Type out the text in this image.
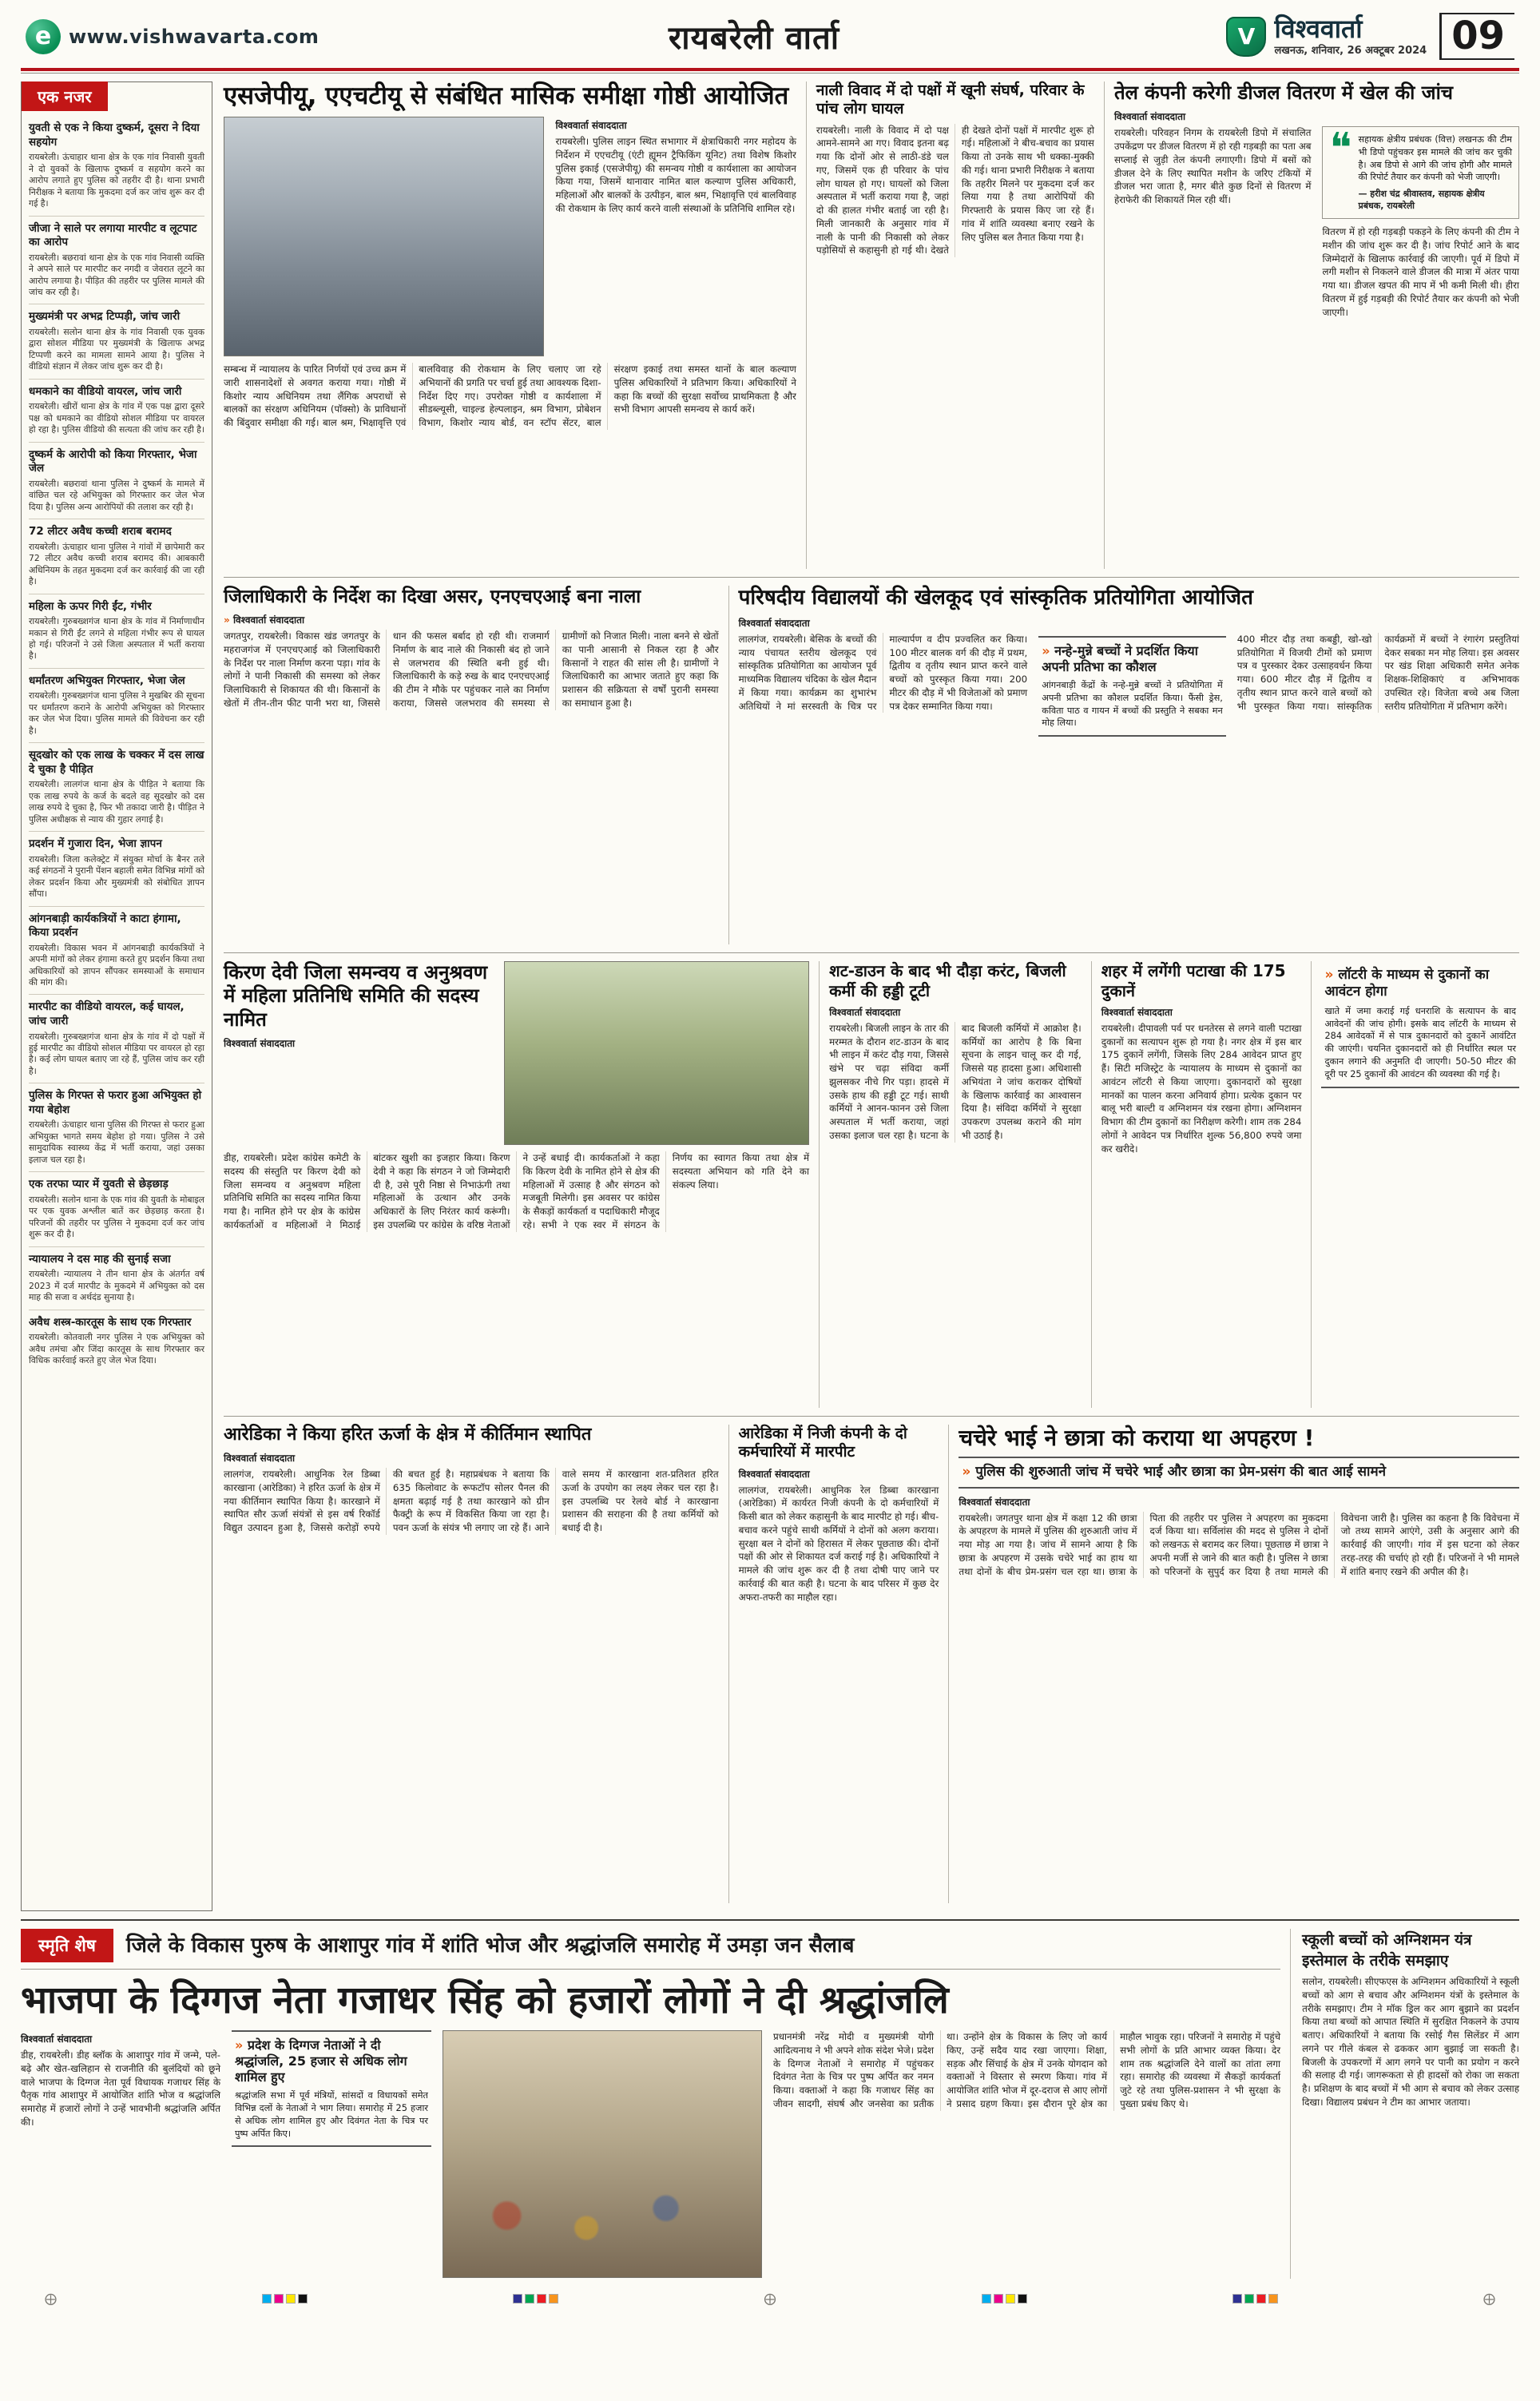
e www.vishwavarta.com	रायबरेली वार्ता	V विश्ववार्ता
लखनऊ, शनिवार, 26 अक्टूबर 2024 09
एक नजर
युवती से एक ने किया दुष्कर्म, दूसरा ने दिया सहयोग

रायबरेली। ऊंचाहार थाना क्षेत्र के एक गांव निवासी युवती ने दो युवकों के खिलाफ दुष्कर्म व सहयोग करने का आरोप लगाते हुए पुलिस को तहरीर दी है। थाना प्रभारी निरीक्षक ने बताया कि मुकदमा दर्ज कर जांच शुरू कर दी गई है।

जीजा ने साले पर लगाया मारपीट व लूटपाट का आरोप

रायबरेली। बछरावां थाना क्षेत्र के एक गांव निवासी व्यक्ति ने अपने साले पर मारपीट कर नगदी व जेवरात लूटने का आरोप लगाया है। पीड़ित की तहरीर पर पुलिस मामले की जांच कर रही है।

मुख्यमंत्री पर अभद्र टिप्पड़ी, जांच जारी

रायबरेली। सलोन थाना क्षेत्र के गांव निवासी एक युवक द्वारा सोशल मीडिया पर मुख्यमंत्री के खिलाफ अभद्र टिप्पणी करने का मामला सामने आया है। पुलिस ने वीडियो संज्ञान में लेकर जांच शुरू कर दी है।

धमकाने का वीडियो वायरल, जांच जारी

रायबरेली। खीरों थाना क्षेत्र के गांव में एक पक्ष द्वारा दूसरे पक्ष को धमकाने का वीडियो सोशल मीडिया पर वायरल हो रहा है। पुलिस वीडियो की सत्यता की जांच कर रही है।

दुष्कर्म के आरोपी को किया गिरफ्तार, भेजा जेल

रायबरेली। बछरावां थाना पुलिस ने दुष्कर्म के मामले में वांछित चल रहे अभियुक्त को गिरफ्तार कर जेल भेज दिया है। पुलिस अन्य आरोपियों की तलाश कर रही है।

72 लीटर अवैध कच्ची शराब बरामद

रायबरेली। ऊंचाहार थाना पुलिस ने गांवों में छापेमारी कर 72 लीटर अवैध कच्ची शराब बरामद की। आबकारी अधिनियम के तहत मुकदमा दर्ज कर कार्रवाई की जा रही है।

महिला के ऊपर गिरी ईंट, गंभीर

रायबरेली। गुरुबख्शगंज थाना क्षेत्र के गांव में निर्माणाधीन मकान से गिरी ईंट लगने से महिला गंभीर रूप से घायल हो गई। परिजनों ने उसे जिला अस्पताल में भर्ती कराया है।

धर्मांतरण अभियुक्त गिरफ्तार, भेजा जेल

रायबरेली। गुरुबख्शगंज थाना पुलिस ने मुखबिर की सूचना पर धर्मांतरण कराने के आरोपी अभियुक्त को गिरफ्तार कर जेल भेज दिया। पुलिस मामले की विवेचना कर रही है।

सूदखोर को एक लाख के चक्कर में दस लाख दे चुका है पीड़ित

रायबरेली। लालगंज थाना क्षेत्र के पीड़ित ने बताया कि एक लाख रुपये के कर्ज के बदले वह सूदखोर को दस लाख रुपये दे चुका है, फिर भी तकादा जारी है। पीड़ित ने पुलिस अधीक्षक से न्याय की गुहार लगाई है।

प्रदर्शन में गुजारा दिन, भेजा ज्ञापन

रायबरेली। जिला कलेक्ट्रेट में संयुक्त मोर्चा के बैनर तले कई संगठनों ने पुरानी पेंशन बहाली समेत विभिन्न मांगों को लेकर प्रदर्शन किया और मुख्यमंत्री को संबोधित ज्ञापन सौंपा।

आंगनबाड़ी कार्यकत्रियों ने काटा हंगामा, किया प्रदर्शन

रायबरेली। विकास भवन में आंगनबाड़ी कार्यकत्रियों ने अपनी मांगों को लेकर हंगामा करते हुए प्रदर्शन किया तथा अधिकारियों को ज्ञापन सौंपकर समस्याओं के समाधान की मांग की।

मारपीट का वीडियो वायरल, कई घायल, जांच जारी

रायबरेली। गुरुबख्शगंज थाना क्षेत्र के गांव में दो पक्षों में हुई मारपीट का वीडियो सोशल मीडिया पर वायरल हो रहा है। कई लोग घायल बताए जा रहे हैं, पुलिस जांच कर रही है।

पुलिस के गिरफ्त से फरार हुआ अभियुक्त हो गया बेहोश

रायबरेली। ऊंचाहार थाना पुलिस की गिरफ्त से फरार हुआ अभियुक्त भागते समय बेहोश हो गया। पुलिस ने उसे सामुदायिक स्वास्थ्य केंद्र में भर्ती कराया, जहां उसका इलाज चल रहा है।

एक तरफा प्यार में युवती से छेड़छाड़

रायबरेली। सलोन थाना के एक गांव की युवती के मोबाइल पर एक युवक अश्लील बातें कर छेड़छाड़ करता है। परिजनों की तहरीर पर पुलिस ने मुकदमा दर्ज कर जांच शुरू कर दी है।

न्यायालय ने दस माह की सुनाई सजा

रायबरेली। न्यायालय ने तीन थाना क्षेत्र के अंतर्गत वर्ष 2023 में दर्ज मारपीट के मुकदमे में अभियुक्त को दस माह की सजा व अर्थदंड सुनाया है।

अवैध शस्त्र-कारतूस के साथ एक गिरफ्तार

रायबरेली। कोतवाली नगर पुलिस ने एक अभियुक्त को अवैध तमंचा और जिंदा कारतूस के साथ गिरफ्तार कर विधिक कार्रवाई करते हुए जेल भेज दिया।

एसजेपीयू, एएचटीयू से संबंधित मासिक समीक्षा गोष्ठी आयोजित
विश्ववार्ता संवाददाता

रायबरेली। पुलिस लाइन स्थित सभागार में क्षेत्राधिकारी नगर महोदय के निर्देशन में एएचटीयू (एंटी ह्यूमन ट्रैफिकिंग यूनिट) तथा विशेष किशोर पुलिस इकाई (एसजेपीयू) की समन्वय गोष्ठी व कार्यशाला का आयोजन किया गया, जिसमें थानावार नामित बाल कल्याण पुलिस अधिकारी, महिलाओं और बालकों के उत्पीड़न, बाल श्रम, भिक्षावृत्ति एवं बालविवाह की रोकथाम के लिए कार्य करने वाली संस्थाओं के प्रतिनिधि शामिल रहे।

सम्बन्ध में न्यायालय के पारित निर्णयों एवं उच्च क्रम में जारी शासनादेशों से अवगत कराया गया। गोष्ठी में किशोर न्याय अधिनियम तथा लैंगिक अपराधों से बालकों का संरक्षण अधिनियम (पॉक्सो) के प्राविधानों की बिंदुवार समीक्षा की गई। बाल श्रम, भिक्षावृत्ति एवं बालविवाह की रोकथाम के लिए चलाए जा रहे अभियानों की प्रगति पर चर्चा हुई तथा आवश्यक दिशा-निर्देश दिए गए। उपरोक्त गोष्ठी व कार्यशाला में सीडब्ल्यूसी, चाइल्ड हेल्पलाइन, श्रम विभाग, प्रोबेशन विभाग, किशोर न्याय बोर्ड, वन स्टॉप सेंटर, बाल संरक्षण इकाई तथा समस्त थानों के बाल कल्याण पुलिस अधिकारियों ने प्रतिभाग किया। अधिकारियों ने कहा कि बच्चों की सुरक्षा सर्वोच्च प्राथमिकता है और सभी विभाग आपसी समन्वय से कार्य करें।

नाली विवाद में दो पक्षों में खूनी संघर्ष, परिवार के पांच लोग घायल

रायबरेली। नाली के विवाद में दो पक्ष आमने-सामने आ गए। विवाद इतना बढ़ गया कि दोनों ओर से लाठी-डंडे चल गए, जिसमें एक ही परिवार के पांच लोग घायल हो गए। घायलों को जिला अस्पताल में भर्ती कराया गया है, जहां दो की हालत गंभीर बताई जा रही है। मिली जानकारी के अनुसार गांव में नाली के पानी की निकासी को लेकर पड़ोसियों से कहासुनी हो गई थी। देखते ही देखते दोनों पक्षों में मारपीट शुरू हो गई। महिलाओं ने बीच-बचाव का प्रयास किया तो उनके साथ भी धक्का-मुक्की की गई। थाना प्रभारी निरीक्षक ने बताया कि तहरीर मिलने पर मुकदमा दर्ज कर लिया गया है तथा आरोपियों की गिरफ्तारी के प्रयास किए जा रहे हैं। गांव में शांति व्यवस्था बनाए रखने के लिए पुलिस बल तैनात किया गया है।

तेल कंपनी करेगी डीजल वितरण में खेल की जांच
विश्ववार्ता संवाददाता

रायबरेली। परिवहन निगम के रायबरेली डिपो में संचालित उपकेंद्रण पर डीजल वितरण में हो रही गड़बड़ी का पता अब सप्लाई से जुड़ी तेल कंपनी लगाएगी। डिपो में बसों को डीजल देने के लिए स्थापित मशीन के जरिए टंकियों में डीजल भरा जाता है, मगर बीते कुछ दिनों से वितरण में हेराफेरी की शिकायतें मिल रही थीं।

❝ सहायक क्षेत्रीय प्रबंधक (वित्त) लखनऊ की टीम भी डिपो पहुंचकर इस मामले की जांच कर चुकी है। अब डिपो से आगे की जांच होगी और मामले की रिपोर्ट तैयार कर कंपनी को भेजी जाएगी।
— हरीश चंद्र श्रीवास्तव, सहायक क्षेत्रीय प्रबंधक, रायबरेली

वितरण में हो रही गड़बड़ी पकड़ने के लिए कंपनी की टीम ने मशीन की जांच शुरू कर दी है। जांच रिपोर्ट आने के बाद जिम्मेदारों के खिलाफ कार्रवाई की जाएगी। पूर्व में डिपो में लगी मशीन से निकलने वाले डीजल की मात्रा में अंतर पाया गया था। डीजल खपत की माप में भी कमी मिली थी। हीरा वितरण में हुई गड़बड़ी की रिपोर्ट तैयार कर कंपनी को भेजी जाएगी।

जिलाधिकारी के निर्देश का दिखा असर, एनएचएआई बना नाला
» विश्ववार्ता संवाददाता

जगतपुर, रायबरेली। विकास खंड जगतपुर के महराजगंज में एनएचएआई को जिलाधिकारी के निर्देश पर नाला निर्माण करना पड़ा। गांव के लोगों ने पानी निकासी की समस्या को लेकर जिलाधिकारी से शिकायत की थी। किसानों के खेतों में तीन-तीन फीट पानी भरा था, जिससे धान की फसल बर्बाद हो रही थी। राजमार्ग निर्माण के बाद नाले की निकासी बंद हो जाने से जलभराव की स्थिति बनी हुई थी। जिलाधिकारी के कड़े रुख के बाद एनएचएआई की टीम ने मौके पर पहुंचकर नाले का निर्माण कराया, जिससे जलभराव की समस्या से ग्रामीणों को निजात मिली। नाला बनने से खेतों का पानी आसानी से निकल रहा है और किसानों ने राहत की सांस ली है। ग्रामीणों ने जिलाधिकारी का आभार जताते हुए कहा कि प्रशासन की सक्रियता से वर्षों पुरानी समस्या का समाधान हुआ है।

परिषदीय विद्यालयों की खेलकूद एवं सांस्कृतिक प्रतियोगिता आयोजित
विश्ववार्ता संवाददाता

लालगंज, रायबरेली। बेसिक के बच्चों की न्याय पंचायत स्तरीय खेलकूद एवं सांस्कृतिक प्रतियोगिता का आयोजन पूर्व माध्यमिक विद्यालय चंदिका के खेल मैदान में किया गया। कार्यक्रम का शुभारंभ अतिथियों ने मां सरस्वती के चित्र पर माल्यार्पण व दीप प्रज्वलित कर किया। 100 मीटर बालक वर्ग की दौड़ में प्रथम, द्वितीय व तृतीय स्थान प्राप्त करने वाले बच्चों को पुरस्कृत किया गया। 200 मीटर की दौड़ में भी विजेताओं को प्रमाण पत्र देकर सम्मानित किया गया।

» नन्हे-मुन्ने बच्चों ने प्रदर्शित किया अपनी प्रतिभा का कौशल

आंगनबाड़ी केंद्रों के नन्हे-मुन्ने बच्चों ने प्रतियोगिता में अपनी प्रतिभा का कौशल प्रदर्शित किया। फैंसी ड्रेस, कविता पाठ व गायन में बच्चों की प्रस्तुति ने सबका मन मोह लिया।

400 मीटर दौड़ तथा कबड्डी, खो-खो प्रतियोगिता में विजयी टीमों को प्रमाण पत्र व पुरस्कार देकर उत्साहवर्धन किया गया। 600 मीटर दौड़ में द्वितीय व तृतीय स्थान प्राप्त करने वाले बच्चों को भी पुरस्कृत किया गया। सांस्कृतिक कार्यक्रमों में बच्चों ने रंगारंग प्रस्तुतियां देकर सबका मन मोह लिया। इस अवसर पर खंड शिक्षा अधिकारी समेत अनेक शिक्षक-शिक्षिकाएं व अभिभावक उपस्थित रहे। विजेता बच्चे अब जिला स्तरीय प्रतियोगिता में प्रतिभाग करेंगे।

किरण देवी जिला समन्वय व अनुश्रवण में महिला प्रतिनिधि समिति की सदस्य नामित
विश्ववार्ता संवाददाता

डीह, रायबरेली। प्रदेश कांग्रेस कमेटी के सदस्य की संस्तुति पर किरण देवी को जिला समन्वय व अनुश्रवण महिला प्रतिनिधि समिति का सदस्य नामित किया गया है। नामित होने पर क्षेत्र के कांग्रेस कार्यकर्ताओं व महिलाओं ने मिठाई बांटकर खुशी का इजहार किया। किरण देवी ने कहा कि संगठन ने जो जिम्मेदारी दी है, उसे पूरी निष्ठा से निभाऊंगी तथा महिलाओं के उत्थान और उनके अधिकारों के लिए निरंतर कार्य करूंगी। इस उपलब्धि पर कांग्रेस के वरिष्ठ नेताओं ने उन्हें बधाई दी। कार्यकर्ताओं ने कहा कि किरण देवी के नामित होने से क्षेत्र की महिलाओं में उत्साह है और संगठन को मजबूती मिलेगी। इस अवसर पर कांग्रेस के सैकड़ों कार्यकर्ता व पदाधिकारी मौजूद रहे। सभी ने एक स्वर में संगठन के निर्णय का स्वागत किया तथा क्षेत्र में सदस्यता अभियान को गति देने का संकल्प लिया।

शट-डाउन के बाद भी दौड़ा करंट, बिजली कर्मी की हड्डी टूटी
विश्ववार्ता संवाददाता

रायबरेली। बिजली लाइन के तार की मरम्मत के दौरान शट-डाउन के बाद भी लाइन में करंट दौड़ गया, जिससे खंभे पर चढ़ा संविदा कर्मी झुलसकर नीचे गिर पड़ा। हादसे में उसके हाथ की हड्डी टूट गई। साथी कर्मियों ने आनन-फानन उसे जिला अस्पताल में भर्ती कराया, जहां उसका इलाज चल रहा है। घटना के बाद बिजली कर्मियों में आक्रोश है। कर्मियों का आरोप है कि बिना सूचना के लाइन चालू कर दी गई, जिससे यह हादसा हुआ। अधिशासी अभियंता ने जांच कराकर दोषियों के खिलाफ कार्रवाई का आश्वासन दिया है। संविदा कर्मियों ने सुरक्षा उपकरण उपलब्ध कराने की मांग भी उठाई है।

शहर में लगेंगी पटाखा की 175 दुकानें
विश्ववार्ता संवाददाता

रायबरेली। दीपावली पर्व पर धनतेरस से लगने वाली पटाखा दुकानों का सत्यापन शुरू हो गया है। नगर क्षेत्र में इस बार 175 दुकानें लगेंगी, जिसके लिए 284 आवेदन प्राप्त हुए हैं। सिटी मजिस्ट्रेट के न्यायालय के माध्यम से दुकानों का आवंटन लॉटरी से किया जाएगा। दुकानदारों को सुरक्षा मानकों का पालन करना अनिवार्य होगा। प्रत्येक दुकान पर बालू भरी बाल्टी व अग्निशमन यंत्र रखना होगा। अग्निशमन विभाग की टीम दुकानों का निरीक्षण करेगी। शाम तक 284 लोगों ने आवेदन पत्र निर्धारित शुल्क 56,800 रुपये जमा कर खरीदे।

» लॉटरी के माध्यम से दुकानों का आवंटन होगा

खाते में जमा कराई गई धनराशि के सत्यापन के बाद आवेदनों की जांच होगी। इसके बाद लॉटरी के माध्यम से 284 आवेदकों में से पात्र दुकानदारों को दुकानें आवंटित की जाएंगी। चयनित दुकानदारों को ही निर्धारित स्थल पर दुकान लगाने की अनुमति दी जाएगी। 50-50 मीटर की दूरी पर 25 दुकानों की आवंटन की व्यवस्था की गई है।

आरेडिका ने किया हरित ऊर्जा के क्षेत्र में कीर्तिमान स्थापित
विश्ववार्ता संवाददाता

लालगंज, रायबरेली। आधुनिक रेल डिब्बा कारखाना (आरेडिका) ने हरित ऊर्जा के क्षेत्र में नया कीर्तिमान स्थापित किया है। कारखाने में स्थापित सौर ऊर्जा संयंत्रों से इस वर्ष रिकॉर्ड विद्युत उत्पादन हुआ है, जिससे करोड़ों रुपये की बचत हुई है। महाप्रबंधक ने बताया कि 635 किलोवाट के रूफटॉप सोलर पैनल की क्षमता बढ़ाई गई है तथा कारखाने को ग्रीन फैक्ट्री के रूप में विकसित किया जा रहा है। पवन ऊर्जा के संयंत्र भी लगाए जा रहे हैं। आने वाले समय में कारखाना शत-प्रतिशत हरित ऊर्जा के उपयोग का लक्ष्य लेकर चल रहा है। इस उपलब्धि पर रेलवे बोर्ड ने कारखाना प्रशासन की सराहना की है तथा कर्मियों को बधाई दी है।

आरेडिका में निजी कंपनी के दो कर्मचारियों में मारपीट
विश्ववार्ता संवाददाता

लालगंज, रायबरेली। आधुनिक रेल डिब्बा कारखाना (आरेडिका) में कार्यरत निजी कंपनी के दो कर्मचारियों में किसी बात को लेकर कहासुनी के बाद मारपीट हो गई। बीच-बचाव करने पहुंचे साथी कर्मियों ने दोनों को अलग कराया। सुरक्षा बल ने दोनों को हिरासत में लेकर पूछताछ की। दोनों पक्षों की ओर से शिकायत दर्ज कराई गई है। अधिकारियों ने मामले की जांच शुरू कर दी है तथा दोषी पाए जाने पर कार्रवाई की बात कही है। घटना के बाद परिसर में कुछ देर अफरा-तफरी का माहौल रहा।

चचेरे भाई ने छात्रा को कराया था अपहरण !
» पुलिस की शुरुआती जांच में चचेरे भाई और छात्रा का प्रेम-प्रसंग की बात आई सामने
विश्ववार्ता संवाददाता

रायबरेली। जगतपुर थाना क्षेत्र में कक्षा 12 की छात्रा के अपहरण के मामले में पुलिस की शुरुआती जांच में नया मोड़ आ गया है। जांच में सामने आया है कि छात्रा के अपहरण में उसके चचेरे भाई का हाथ था तथा दोनों के बीच प्रेम-प्रसंग चल रहा था। छात्रा के पिता की तहरीर पर पुलिस ने अपहरण का मुकदमा दर्ज किया था। सर्विलांस की मदद से पुलिस ने दोनों को लखनऊ से बरामद कर लिया। पूछताछ में छात्रा ने अपनी मर्जी से जाने की बात कही है। पुलिस ने छात्रा को परिजनों के सुपुर्द कर दिया है तथा मामले की विवेचना जारी है। पुलिस का कहना है कि विवेचना में जो तथ्य सामने आएंगे, उसी के अनुसार आगे की कार्रवाई की जाएगी। गांव में इस घटना को लेकर तरह-तरह की चर्चाएं हो रही हैं। परिजनों ने भी मामले में शांति बनाए रखने की अपील की है।

स्मृति शेष	जिले के विकास पुरुष के आशापुर गांव में शांति भोज और श्रद्धांजलि समारोह में उमड़ा जन सैलाब
भाजपा के दिग्गज नेता गजाधर सिंह को हजारों लोगों ने दी श्रद्धांजलि
विश्ववार्ता संवाददाता

डीह, रायबरेली। डीह ब्लॉक के आशापुर गांव में जन्मे, पले-बढ़े और खेत-खलिहान से राजनीति की बुलंदियों को छूने वाले भाजपा के दिग्गज नेता पूर्व विधायक गजाधर सिंह के पैतृक गांव आशापुर में आयोजित शांति भोज व श्रद्धांजलि समारोह में हजारों लोगों ने उन्हें भावभीनी श्रद्धांजलि अर्पित की।

» प्रदेश के दिग्गज नेताओं ने दी श्रद्धांजलि, 25 हजार से अधिक लोग शामिल हुए

श्रद्धांजलि सभा में पूर्व मंत्रियों, सांसदों व विधायकों समेत विभिन्न दलों के नेताओं ने भाग लिया। समारोह में 25 हजार से अधिक लोग शामिल हुए और दिवंगत नेता के चित्र पर पुष्प अर्पित किए।

प्रधानमंत्री नरेंद्र मोदी व मुख्यमंत्री योगी आदित्यनाथ ने भी अपने शोक संदेश भेजे। प्रदेश के दिग्गज नेताओं ने समारोह में पहुंचकर दिवंगत नेता के चित्र पर पुष्प अर्पित कर नमन किया। वक्ताओं ने कहा कि गजाधर सिंह का जीवन सादगी, संघर्ष और जनसेवा का प्रतीक था। उन्होंने क्षेत्र के विकास के लिए जो कार्य किए, उन्हें सदैव याद रखा जाएगा। शिक्षा, सड़क और सिंचाई के क्षेत्र में उनके योगदान को वक्ताओं ने विस्तार से स्मरण किया। गांव में आयोजित शांति भोज में दूर-दराज से आए लोगों ने प्रसाद ग्रहण किया। इस दौरान पूरे क्षेत्र का माहौल भावुक रहा। परिजनों ने समारोह में पहुंचे सभी लोगों के प्रति आभार व्यक्त किया। देर शाम तक श्रद्धांजलि देने वालों का तांता लगा रहा। समारोह की व्यवस्था में सैकड़ों कार्यकर्ता जुटे रहे तथा पुलिस-प्रशासन ने भी सुरक्षा के पुख्ता प्रबंध किए थे।

स्कूली बच्चों को अग्निशमन यंत्र इस्तेमाल के तरीके समझाए

सलोन, रायबरेली। सीएफएस के अग्निशमन अधिकारियों ने स्कूली बच्चों को आग से बचाव और अग्निशमन यंत्रों के इस्तेमाल के तरीके समझाए। टीम ने मॉक ड्रिल कर आग बुझाने का प्रदर्शन किया तथा बच्चों को आपात स्थिति में सुरक्षित निकलने के उपाय बताए। अधिकारियों ने बताया कि रसोई गैस सिलेंडर में आग लगने पर गीले कंबल से ढककर आग बुझाई जा सकती है। बिजली के उपकरणों में आग लगने पर पानी का प्रयोग न करने की सलाह दी गई। जागरूकता से ही हादसों को रोका जा सकता है। प्रशिक्षण के बाद बच्चों में भी आग से बचाव को लेकर उत्साह दिखा। विद्यालय प्रबंधन ने टीम का आभार जताया।

⨁	⨁	⨁
